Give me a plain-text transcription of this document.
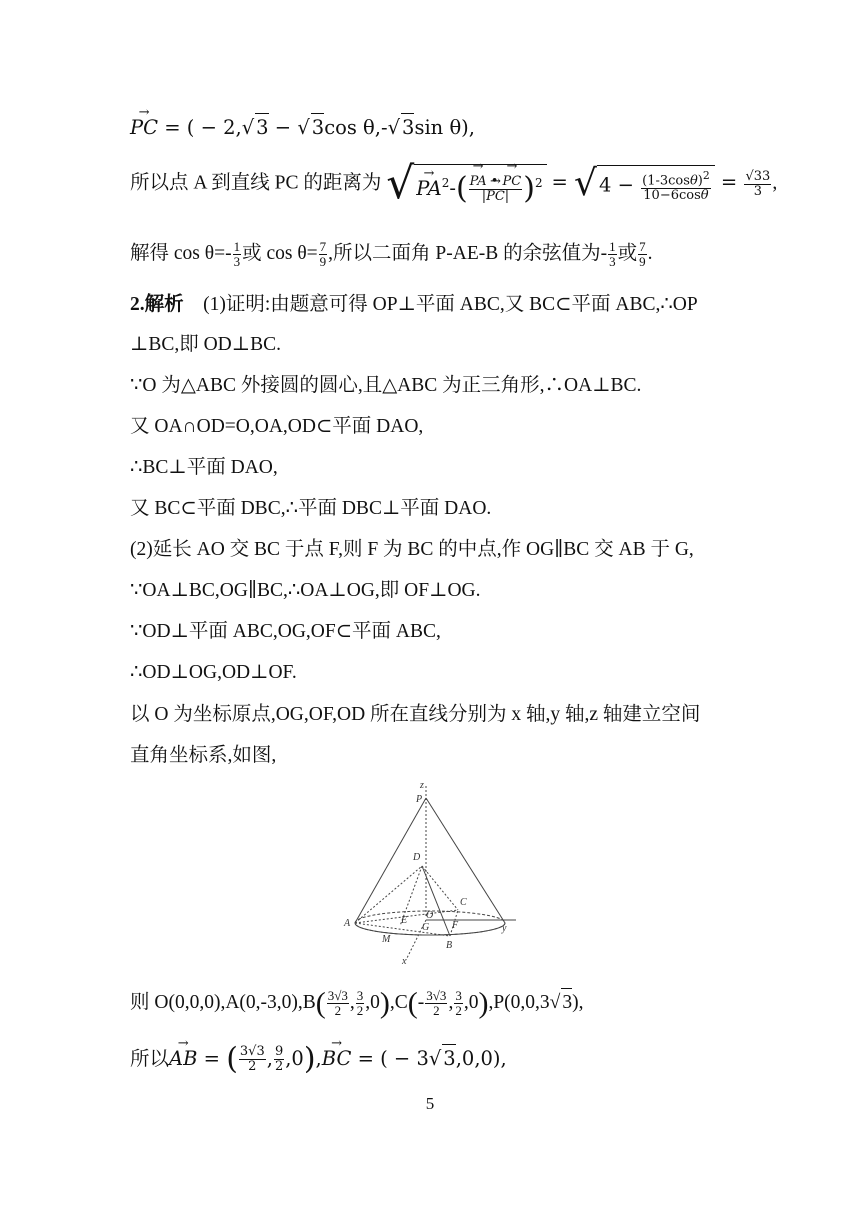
→ PC = ( − 2,√ 3 − √ 3cos θ,-√ 3sin θ),
所以点 A 到直线 PC 的距离为 √→ $PA^2-$(
→ $\frac{PA • \to PC}{|\to PC|} )^2$ = √ $4 - \frac{(1-3\cos\theta)^2}{10-6\cos\theta} = \frac{√33}{3}$ ,
解得 $\cos \theta=- \frac{1}{3}$ 或 $\cos \theta= \frac{7}{9}$ ,所以二面角 P-AE-B 的余弦值为- $\frac{1}{3}$ 或 $\frac{7}{9}$ .
2.解析 (1)证明:由题意可得 OP⊥平面 ABC,又 BC⊂平面 ABC,∴OP
⊥BC,即 OD⊥BC.
∵O 为△ABC 外接圆的圆心,且△ABC 为正三角形,∴OA⊥BC.
又 OA∩OD=O,OA,OD⊂平面 DAO,
∴BC⊥平面 DAO,
又 BC⊂平面 DBC,∴平面 DBC⊥平面 DAO.
(2)延长 AO 交 BC 于点 F,则 F 为 BC 的中点,作 OG∥BC 交 AB 于 G,
∵OA⊥BC,OG∥BC,∴OA⊥OG,即 OF⊥OG.
∵OD⊥平面 ABC,OG,OF⊂平面 ABC,
∴OD⊥OG,OD⊥OF.
以 O 为坐标原点,OG,OF,OD 所在直线分别为 x 轴,y 轴,z 轴建立空间
直角坐标系,如图,
z
P
D
C
A	E O
G F	y
M
B
x
则 $O(0,0,0),A(0,-3,0),B( \frac{3√3}{2}$ , $\frac{3}{2} ,0),C(- \frac{3√3}{2}$ , $\frac{3}{2} ,0),P(0,0,3√$ 3),
所以→ AB = ( $\frac{3√3}{2}$ , $\frac{9}{2} ,0),\to$ BC = ( − 3√ 3,0,0),
5
